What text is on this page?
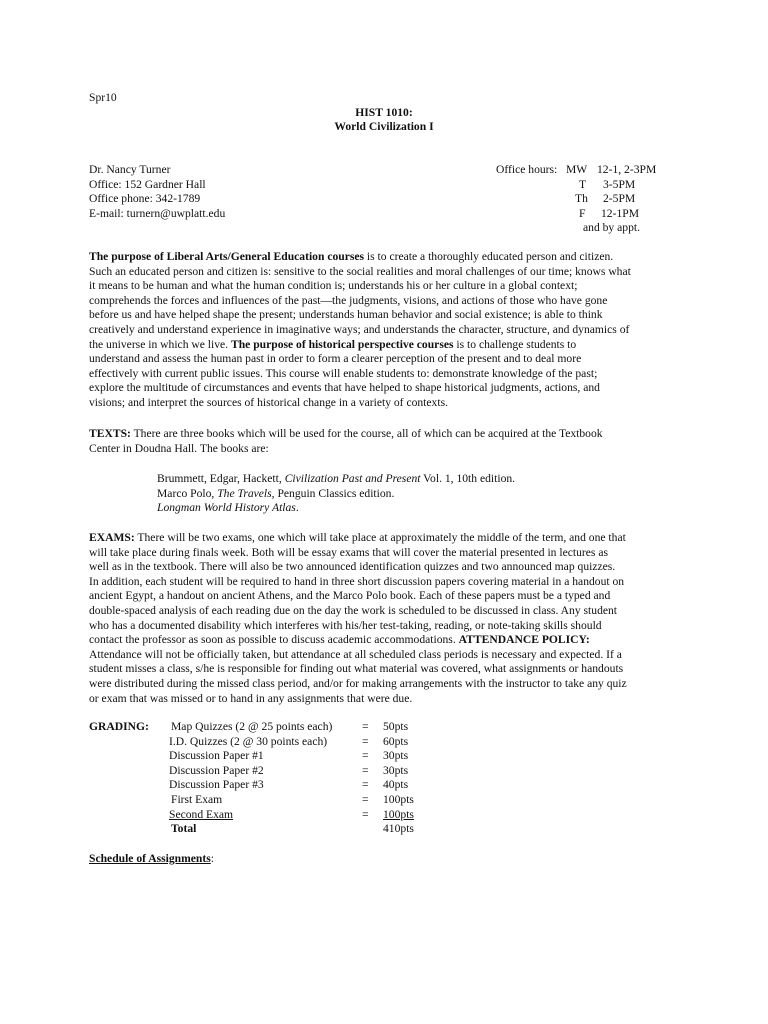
Spr10
HIST 1010:
World Civilization I
Dr. Nancy Turner
Office: 152 Gardner Hall
Office phone: 342-1789
E-mail: turnern@uwplatt.edu
Office hours: MW 12-1, 2-3PM
T 3-5PM
Th 2-5PM
F 12-1PM
and by appt.
The purpose of Liberal Arts/General Education courses is to create a thoroughly educated person and citizen.
Such an educated person and citizen is: sensitive to the social realities and moral challenges of our time; knows what
it means to be human and what the human condition is; understands his or her culture in a global context;
comprehends the forces and influences of the past—the judgments, visions, and actions of those who have gone
before us and have helped shape the present; understands human behavior and social existence; is able to think
creatively and understand experience in imaginative ways; and understands the character, structure, and dynamics of
the universe in which we live. The purpose of historical perspective courses is to challenge students to
understand and assess the human past in order to form a clearer perception of the present and to deal more
effectively with current public issues. This course will enable students to: demonstrate knowledge of the past;
explore the multitude of circumstances and events that have helped to shape historical judgments, actions, and
visions; and interpret the sources of historical change in a variety of contexts.
TEXTS: There are three books which will be used for the course, all of which can be acquired at the Textbook
Center in Doudna Hall. The books are:
Brummett, Edgar, Hackett, Civilization Past and Present Vol. 1, 10th edition.
Marco Polo, The Travels, Penguin Classics edition.
Longman World History Atlas.
EXAMS: There will be two exams, one which will take place at approximately the middle of the term, and one that
will take place during finals week. Both will be essay exams that will cover the material presented in lectures as
well as in the textbook. There will also be two announced identification quizzes and two announced map quizzes.
In addition, each student will be required to hand in three short discussion papers covering material in a handout on
ancient Egypt, a handout on ancient Athens, and the Marco Polo book. Each of these papers must be a typed and
double-spaced analysis of each reading due on the day the work is scheduled to be discussed in class. Any student
who has a documented disability which interferes with his/her test-taking, reading, or note-taking skills should
contact the professor as soon as possible to discuss academic accommodations. ATTENDANCE POLICY:
Attendance will not be officially taken, but attendance at all scheduled class periods is necessary and expected. If a
student misses a class, s/he is responsible for finding out what material was covered, what assignments or handouts
were distributed during the missed class period, and/or for making arrangements with the instructor to take any quiz
or exam that was missed or to hand in any assignments that were due.
GRADING: Map Quizzes (2 @ 25 points each)	= 50pts
I.D. Quizzes (2 @ 30 points each)	= 60pts
Discussion Paper #1	= 30pts
Discussion Paper #2	= 30pts
Discussion Paper #3	= 40pts
First Exam	= 100pts
Second Exam	= 100pts
Total	410pts
Schedule of Assignments:
